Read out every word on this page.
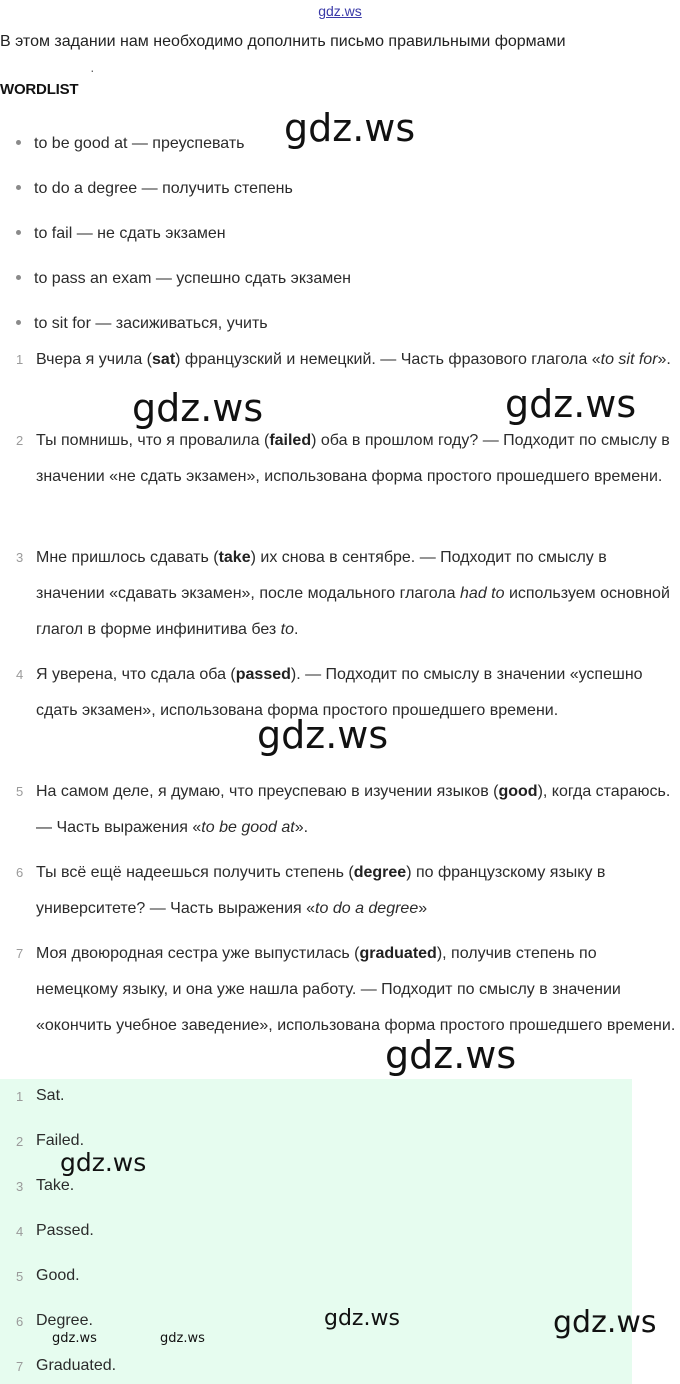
gdz.ws
В этом задании нам необходимо дополнить письмо правильными формами
·
WORDLIST
to be good at — преуспевать
to do a degree — получить степень
to fail — не сдать экзамен
to pass an exam — успешно сдать экзамен
to sit for — засиживаться, учить
1 Вчера я учила (sat) французский и немецкий. — Часть фразового глагола «to sit for».

2 Ты помнишь, что я провалила (failed) оба в прошлом году? — Подходит по смыслу в значении «не сдать экзамен», использована форма простого прошедшего времени.

3 Мне пришлось сдавать (take) их снова в сентябре. — Подходит по смыслу в значении «сдавать экзамен», после модального глагола had to используем основной глагол в форме инфинитива без to.

4 Я уверена, что сдала оба (passed). — Подходит по смыслу в значении «успешно сдать экзамен», использована форма простого прошедшего времени.

5 На самом деле, я думаю, что преуспеваю в изучении языков (good), когда стараюсь. — Часть выражения «to be good at».

6 Ты всё ещё надеешься получить степень (degree) по французскому языку в университете? — Часть выражения «to do a degree»

7 Моя двоюродная сестра уже выпустилась (graduated), получив степень по немецкому языку, и она уже нашла работу. — Подходит по смыслу в значении «окончить учебное заведение», использована форма простого прошедшего времени.

1 Sat.
2 Failed.
3 Take.
4 Passed.
5 Good.
6 Degree.
7 Graduated.
gdz.ws
gdz.ws	gdz.ws
gdz.ws
gdz.ws
gdz.ws
gdz.ws	gdz.ws
gdz.ws	gdz.ws
